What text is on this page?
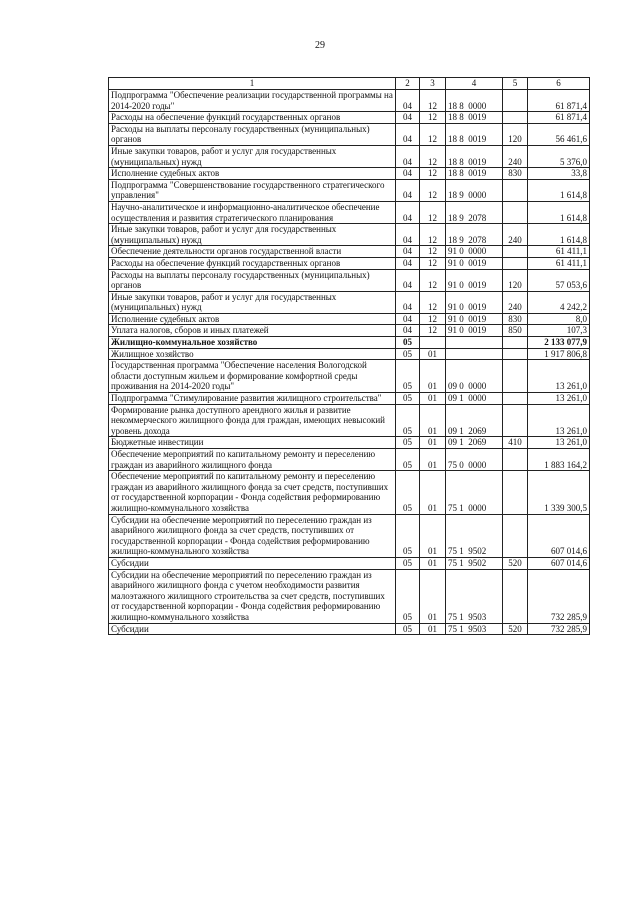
29
1	2	3	4	5	6
Подпрограмма "Обеспечение реализации государственной программы на 2014-2020 годы"	04	12	18 8  0000		61 871,4
Расходы на обеспечение функций государственных органов	04	12	18 8  0019		61 871,4
Расходы на выплаты персоналу государственных (муниципальных) органов	04	12	18 8  0019	120	56 461,6
Иные закупки товаров, работ и услуг для государственных (муниципальных) нужд	04	12	18 8  0019	240	5 376,0
Исполнение судебных актов	04	12	18 8  0019	830	33,8
Подпрограмма "Совершенствование государственного стратегического управления"	04	12	18 9  0000		1 614,8
Научно-аналитическое и информационно-аналитическое обеспечение осуществления и развития стратегического планирования	04	12	18 9  2078		1 614,8
Иные закупки товаров, работ и услуг для государственных (муниципальных) нужд	04	12	18 9  2078	240	1 614,8
Обеспечение деятельности органов государственной власти	04	12	91 0  0000		61 411,1
Расходы на обеспечение функций государственных органов	04	12	91 0  0019		61 411,1
Расходы на выплаты персоналу государственных (муниципальных) органов	04	12	91 0  0019	120	57 053,6
Иные закупки товаров, работ и услуг для государственных (муниципальных) нужд	04	12	91 0  0019	240	4 242,2
Исполнение судебных актов	04	12	91 0  0019	830	8,0
Уплата налогов, сборов и иных платежей	04	12	91 0  0019	850	107,3
Жилищно-коммунальное хозяйство	05				2 133 077,9
Жилищное хозяйство	05	01			1 917 806,8
Государственная программа "Обеспечение населения Вологодской области доступным жильем и формирование комфортной среды проживания на 2014-2020 годы"	05	01	09 0  0000		13 261,0
Подпрограмма "Стимулирование развития жилищного строительства"	05	01	09 1  0000		13 261,0
Формирование рынка доступного арендного жилья и развитие некоммерческого жилищного фонда для граждан, имеющих невысокий уровень дохода	05	01	09 1  2069		13 261,0
Бюджетные инвестиции	05	01	09 1  2069	410	13 261,0
Обеспечение мероприятий по капитальному ремонту и переселению граждан из аварийного жилищного фонда	05	01	75 0  0000		1 883 164,2
Обеспечение мероприятий по капитальному ремонту и переселению граждан из аварийного жилищного фонда за счет средств, поступивших от государственной корпорации - Фонда содействия реформированию жилищно-коммунального хозяйства	05	01	75 1  0000		1 339 300,5
Субсидии на обеспечение мероприятий по переселению граждан из аварийного жилищного фонда за счет средств, поступивших от государственной корпорации - Фонда содействия реформированию жилищно-коммунального хозяйства	05	01	75 1  9502		607 014,6
Субсидии	05	01	75 1  9502	520	607 014,6
Субсидии на обеспечение мероприятий по переселению граждан из аварийного жилищного фонда с учетом необходимости развития малоэтажного жилищного строительства за счет средств, поступивших от государственной корпорации - Фонда содействия реформированию жилищно-коммунального хозяйства	05	01	75 1  9503		732 285,9
Субсидии	05	01	75 1  9503	520	732 285,9
